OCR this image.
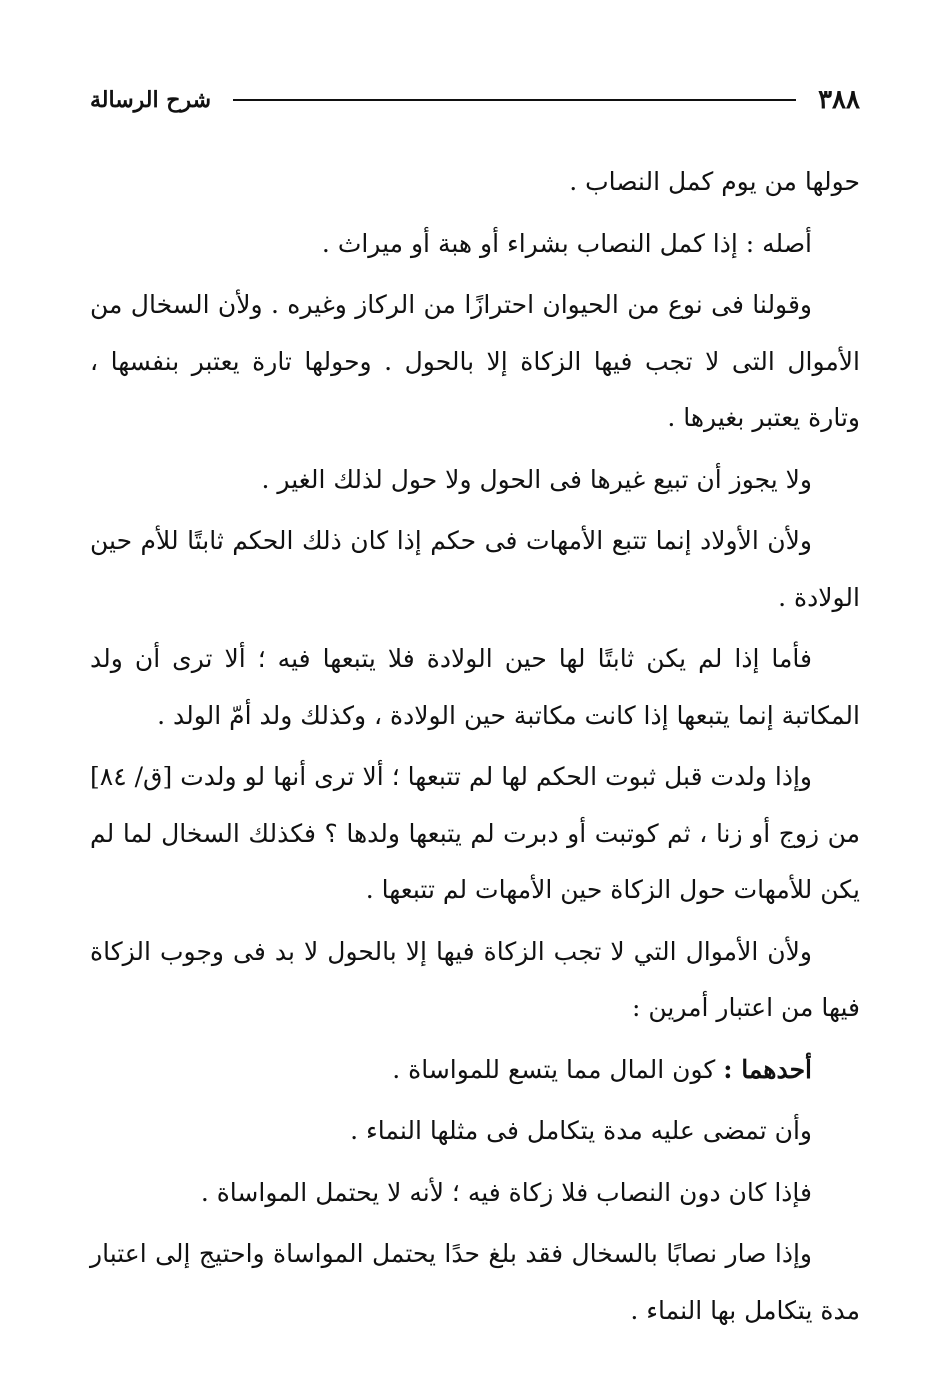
٣٨٨
شرح الرسالة

حولها من يوم كمل النصاب .

أصله : إذا كمل النصاب بشراء أو هبة أو ميراث .

وقولنا فى نوع من الحيوان احترازًا من الركاز وغيره . ولأن السخال من الأموال التى لا تجب فيها الزكاة إلا بالحول . وحولها تارة يعتبر بنفسها ، وتارة يعتبر بغيرها .

ولا يجوز أن تبيع غيرها فى الحول ولا حول لذلك الغير .

ولأن الأولاد إنما تتبع الأمهات فى حكم إذا كان ذلك الحكم ثابتًا للأم حين الولادة .

فأما إذا لم يكن ثابتًا لها حين الولادة فلا يتبعها فيه ؛ ألا ترى أن ولد المكاتبة إنما يتبعها إذا كانت مكاتبة حين الولادة ، وكذلك ولد أمّ الولد .

وإذا ولدت قبل ثبوت الحكم لها لم تتبعها ؛ ألا ترى أنها لو ولدت [ق/ ٨٤] من زوج أو زنا ، ثم كوتبت أو دبرت لم يتبعها ولدها ؟ فكذلك السخال لما لم يكن للأمهات حول الزكاة حين الأمهات لم تتبعها .

ولأن الأموال التي لا تجب الزكاة فيها إلا بالحول لا بد فى وجوب الزكاة فيها من اعتبار أمرين :

أحدهما : كون المال مما يتسع للمواساة .

وأن تمضى عليه مدة يتكامل فى مثلها النماء .

فإذا كان دون النصاب فلا زكاة فيه ؛ لأنه لا يحتمل المواساة .

وإذا صار نصابًا بالسخال فقد بلغ حدًا يحتمل المواساة واحتيج إلى اعتبار مدة يتكامل بها النماء .
